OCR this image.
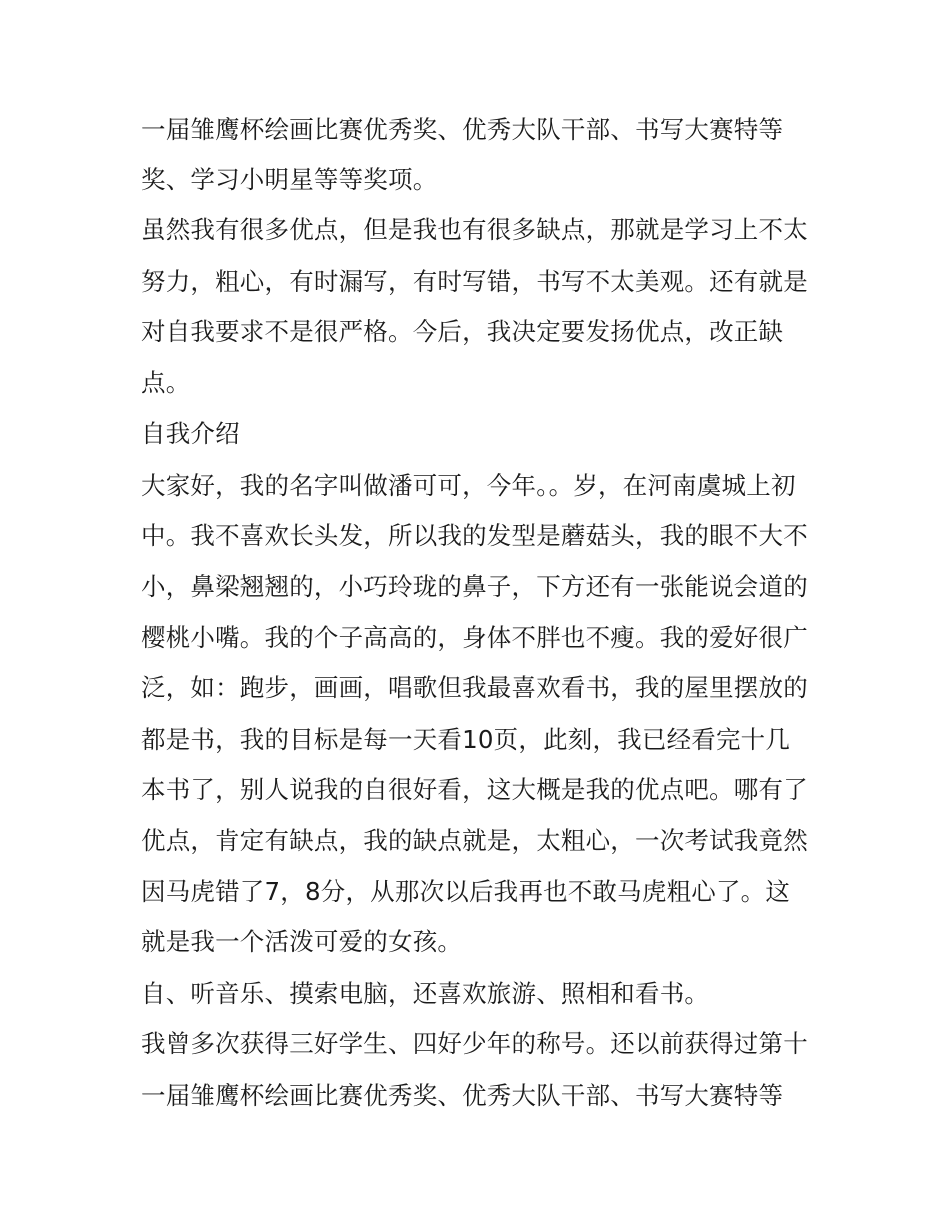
一届雏鹰杯绘画比赛优秀奖、优秀大队干部、书写大赛特等
奖、学习小明星等等奖项。
虽然我有很多优点，但是我也有很多缺点，那就是学习上不太
努力，粗心，有时漏写，有时写错，书写不太美观。还有就是
对自我要求不是很严格。今后，我决定要发扬优点，改正缺
点。
自我介绍
大家好，我的名字叫做潘可可，今年。。岁，在河南虞城上初
中。我不喜欢长头发，所以我的发型是蘑菇头，我的眼不大不
小，鼻梁翘翘的，小巧玲珑的鼻子，下方还有一张能说会道的
樱桃小嘴。我的个子高高的，身体不胖也不瘦。我的爱好很广
泛，如：跑步，画画，唱歌但我最喜欢看书，我的屋里摆放的
都是书，我的目标是每一天看10页，此刻，我已经看完十几
本书了，别人说我的自很好看，这大概是我的优点吧。哪有了
优点，肯定有缺点，我的缺点就是，太粗心，一次考试我竟然
因马虎错了7，8分，从那次以后我再也不敢马虎粗心了。这
就是我一个活泼可爱的女孩。
自、听音乐、摸索电脑，还喜欢旅游、照相和看书。
我曾多次获得三好学生、四好少年的称号。还以前获得过第十
一届雏鹰杯绘画比赛优秀奖、优秀大队干部、书写大赛特等
